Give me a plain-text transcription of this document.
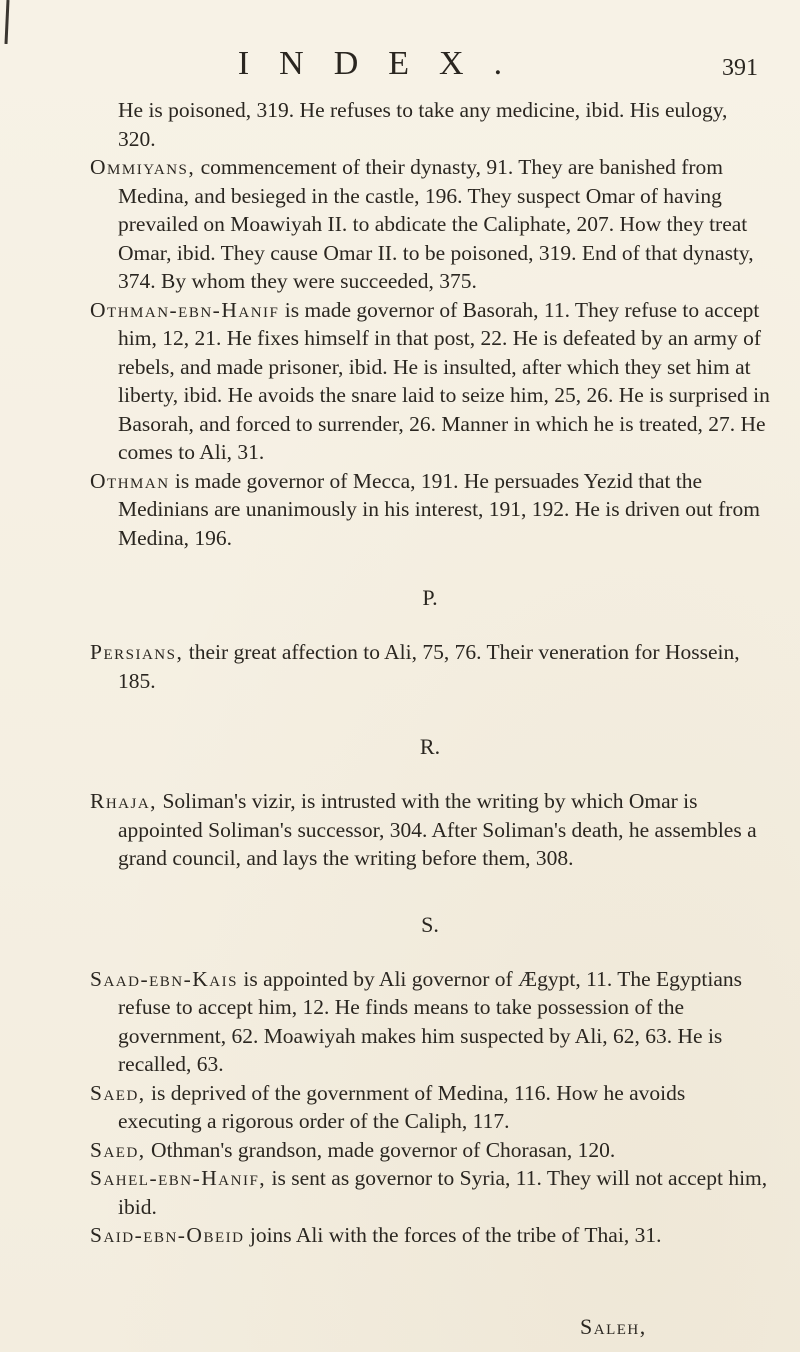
INDEX.	391

He is poisoned, 319. He refuses to take any medicine, ibid. His eulogy, 320.

Ommiyans, commencement of their dynasty, 91. They are banished from Medina, and besieged in the castle, 196. They suspect Omar of having prevailed on Moawiyah II. to abdicate the Caliphate, 207. How they treat Omar, ibid. They cause Omar II. to be poisoned, 319. End of that dynasty, 374. By whom they were succeeded, 375.

Othman-ebn-Hanif is made governor of Basorah, 11. They refuse to accept him, 12, 21. He fixes himself in that post, 22. He is defeated by an army of rebels, and made prisoner, ibid. He is insulted, after which they set him at liberty, ibid. He avoids the snare laid to seize him, 25, 26. He is surprised in Basorah, and forced to surrender, 26. Manner in which he is treated, 27. He comes to Ali, 31.

Othman is made governor of Mecca, 191. He persuades Yezid that the Medinians are unanimously in his interest, 191, 192. He is driven out from Medina, 196.

P.

Persians, their great affection to Ali, 75, 76. Their veneration for Hossein, 185.

R.

Rhaja, Soliman's vizir, is intrusted with the writing by which Omar is appointed Soliman's successor, 304. After Soliman's death, he assembles a grand council, and lays the writing before them, 308.

S.

Saad-ebn-Kais is appointed by Ali governor of Ægypt, 11. The Egyptians refuse to accept him, 12. He finds means to take possession of the government, 62. Moawiyah makes him suspected by Ali, 62, 63. He is recalled, 63.

Saed, is deprived of the government of Medina, 116. How he avoids executing a rigorous order of the Caliph, 117.

Saed, Othman's grandson, made governor of Chorasan, 120.

Sahel-ebn-Hanif, is sent as governor to Syria, 11. They will not accept him, ibid.

Said-ebn-Obeid joins Ali with the forces of the tribe of Thai, 31.

Saleh,
